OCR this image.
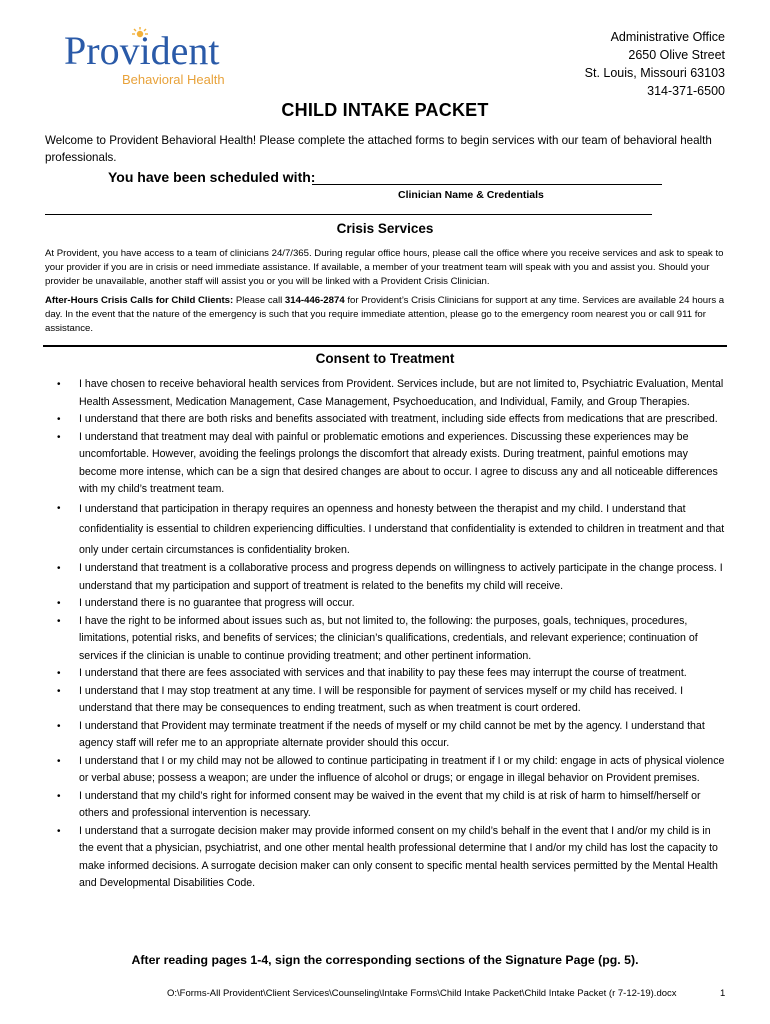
Provident
Behavioral Health
Administrative Office
2650 Olive Street
St. Louis, Missouri 63103
314-371-6500
CHILD INTAKE PACKET
Welcome to Provident Behavioral Health! Please complete the attached forms to begin services with our team of behavioral health professionals.
You have been scheduled with:
Clinician Name & Credentials
Crisis Services
At Provident, you have access to a team of clinicians 24/7/365. During regular office hours, please call the office where you receive services and ask to speak to your provider if you are in crisis or need immediate assistance. If available, a member of your treatment team will speak with you and assist you. Should your provider be unavailable, another staff will assist you or you will be linked with a Provident Crisis Clinician.
After-Hours Crisis Calls for Child Clients: Please call 314-446-2874 for Provident’s Crisis Clinicians for support at any time. Services are available 24 hours a day. In the event that the nature of the emergency is such that you require immediate attention, please go to the emergency room nearest you or call 911 for assistance.
Consent to Treatment
• I have chosen to receive behavioral health services from Provident. Services include, but are not limited to, Psychiatric Evaluation, Mental Health Assessment, Medication Management, Case Management, Psychoeducation, and Individual, Family, and Group Therapies.
• I understand that there are both risks and benefits associated with treatment, including side effects from medications that are prescribed.
• I understand that treatment may deal with painful or problematic emotions and experiences. Discussing these experiences may be uncomfortable. However, avoiding the feelings prolongs the discomfort that already exists. During treatment, painful emotions may become more intense, which can be a sign that desired changes are about to occur. I agree to discuss any and all noticeable differences with my child’s treatment team.
• I understand that participation in therapy requires an openness and honesty between the therapist and my child. I understand that confidentiality is essential to children experiencing difficulties. I understand that confidentiality is extended to children in treatment and that only under certain circumstances is confidentiality broken.
• I understand that treatment is a collaborative process and progress depends on willingness to actively participate in the change process. I understand that my participation and support of treatment is related to the benefits my child will receive.
• I understand there is no guarantee that progress will occur.
• I have the right to be informed about issues such as, but not limited to, the following: the purposes, goals, techniques, procedures, limitations, potential risks, and benefits of services; the clinician’s qualifications, credentials, and relevant experience; continuation of services if the clinician is unable to continue providing treatment; and other pertinent information.
• I understand that there are fees associated with services and that inability to pay these fees may interrupt the course of treatment.
• I understand that I may stop treatment at any time. I will be responsible for payment of services myself or my child has received. I understand that there may be consequences to ending treatment, such as when treatment is court ordered.
• I understand that Provident may terminate treatment if the needs of myself or my child cannot be met by the agency. I understand that agency staff will refer me to an appropriate alternate provider should this occur.
• I understand that I or my child may not be allowed to continue participating in treatment if I or my child: engage in acts of physical violence or verbal abuse; possess a weapon; are under the influence of alcohol or drugs; or engage in illegal behavior on Provident premises.
• I understand that my child’s right for informed consent may be waived in the event that my child is at risk of harm to himself/herself or others and professional intervention is necessary.
• I understand that a surrogate decision maker may provide informed consent on my child’s behalf in the event that I and/or my child is in the event that a physician, psychiatrist, and one other mental health professional determine that I and/or my child has lost the capacity to make informed decisions. A surrogate decision maker can only consent to specific mental health services permitted by the Mental Health and Developmental Disabilities Code.
After reading pages 1-4, sign the corresponding sections of the Signature Page (pg. 5).
O:\Forms-All Provident\Client Services\Counseling\Intake Forms\Child Intake Packet\Child Intake Packet (r 7-12-19).docx	1
